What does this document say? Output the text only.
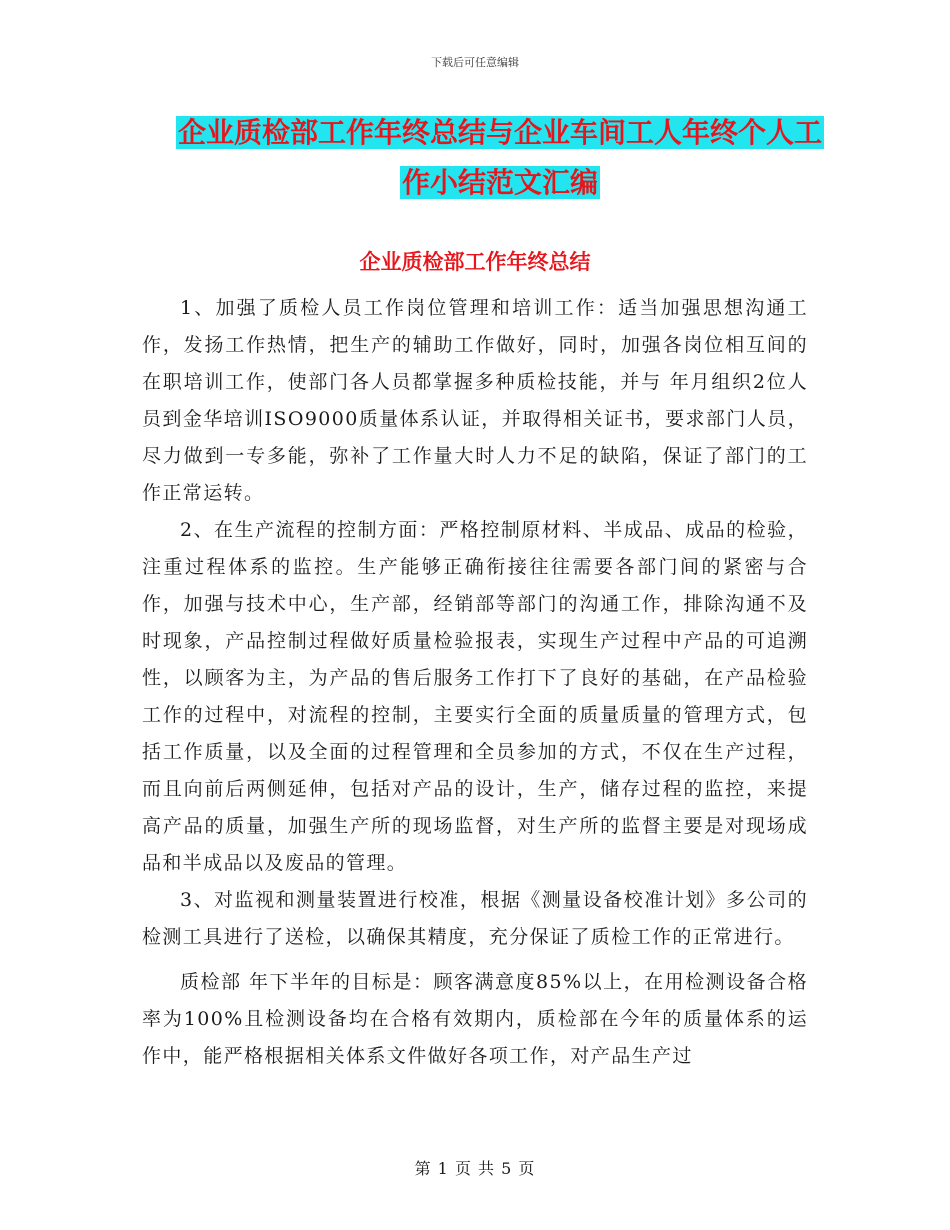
下载后可任意编辑
企业质检部工作年终总结与企业车间工人年终个人工
作小结范文汇编
企业质检部工作年终总结

1、加强了质检人员工作岗位管理和培训工作：适当加强思想沟通工作，发扬工作热情，把生产的辅助工作做好，同时，加强各岗位相互间的在职培训工作，使部门各人员都掌握多种质检技能，并与 年月组织2位人员到金华培训ISO9000质量体系认证，并取得相关证书，要求部门人员，尽力做到一专多能，弥补了工作量大时人力不足的缺陷，保证了部门的工作正常运转。

2、在生产流程的控制方面：严格控制原材料、半成品、成品的检验，注重过程体系的监控。生产能够正确衔接往往需要各部门间的紧密与合作，加强与技术中心，生产部，经销部等部门的沟通工作，排除沟通不及时现象，产品控制过程做好质量检验报表，实现生产过程中产品的可追溯性，以顾客为主，为产品的售后服务工作打下了良好的基础，在产品检验工作的过程中，对流程的控制，主要实行全面的质量质量的管理方式，包括工作质量，以及全面的过程管理和全员参加的方式，不仅在生产过程，而且向前后两侧延伸，包括对产品的设计，生产，储存过程的监控，来提高产品的质量，加强生产所的现场监督，对生产所的监督主要是对现场成品和半成品以及废品的管理。

3、对监视和测量装置进行校准，根据《测量设备校准计划》多公司的检测工具进行了送检，以确保其精度，充分保证了质检工作的正常进行。

质检部 年下半年的目标是：顾客满意度85%以上，在用检测设备合格率为100%且检测设备均在合格有效期内，质检部在今年的质量体系的运作中，能严格根据相关体系文件做好各项工作，对产品生产过

第 1 页 共 5 页
